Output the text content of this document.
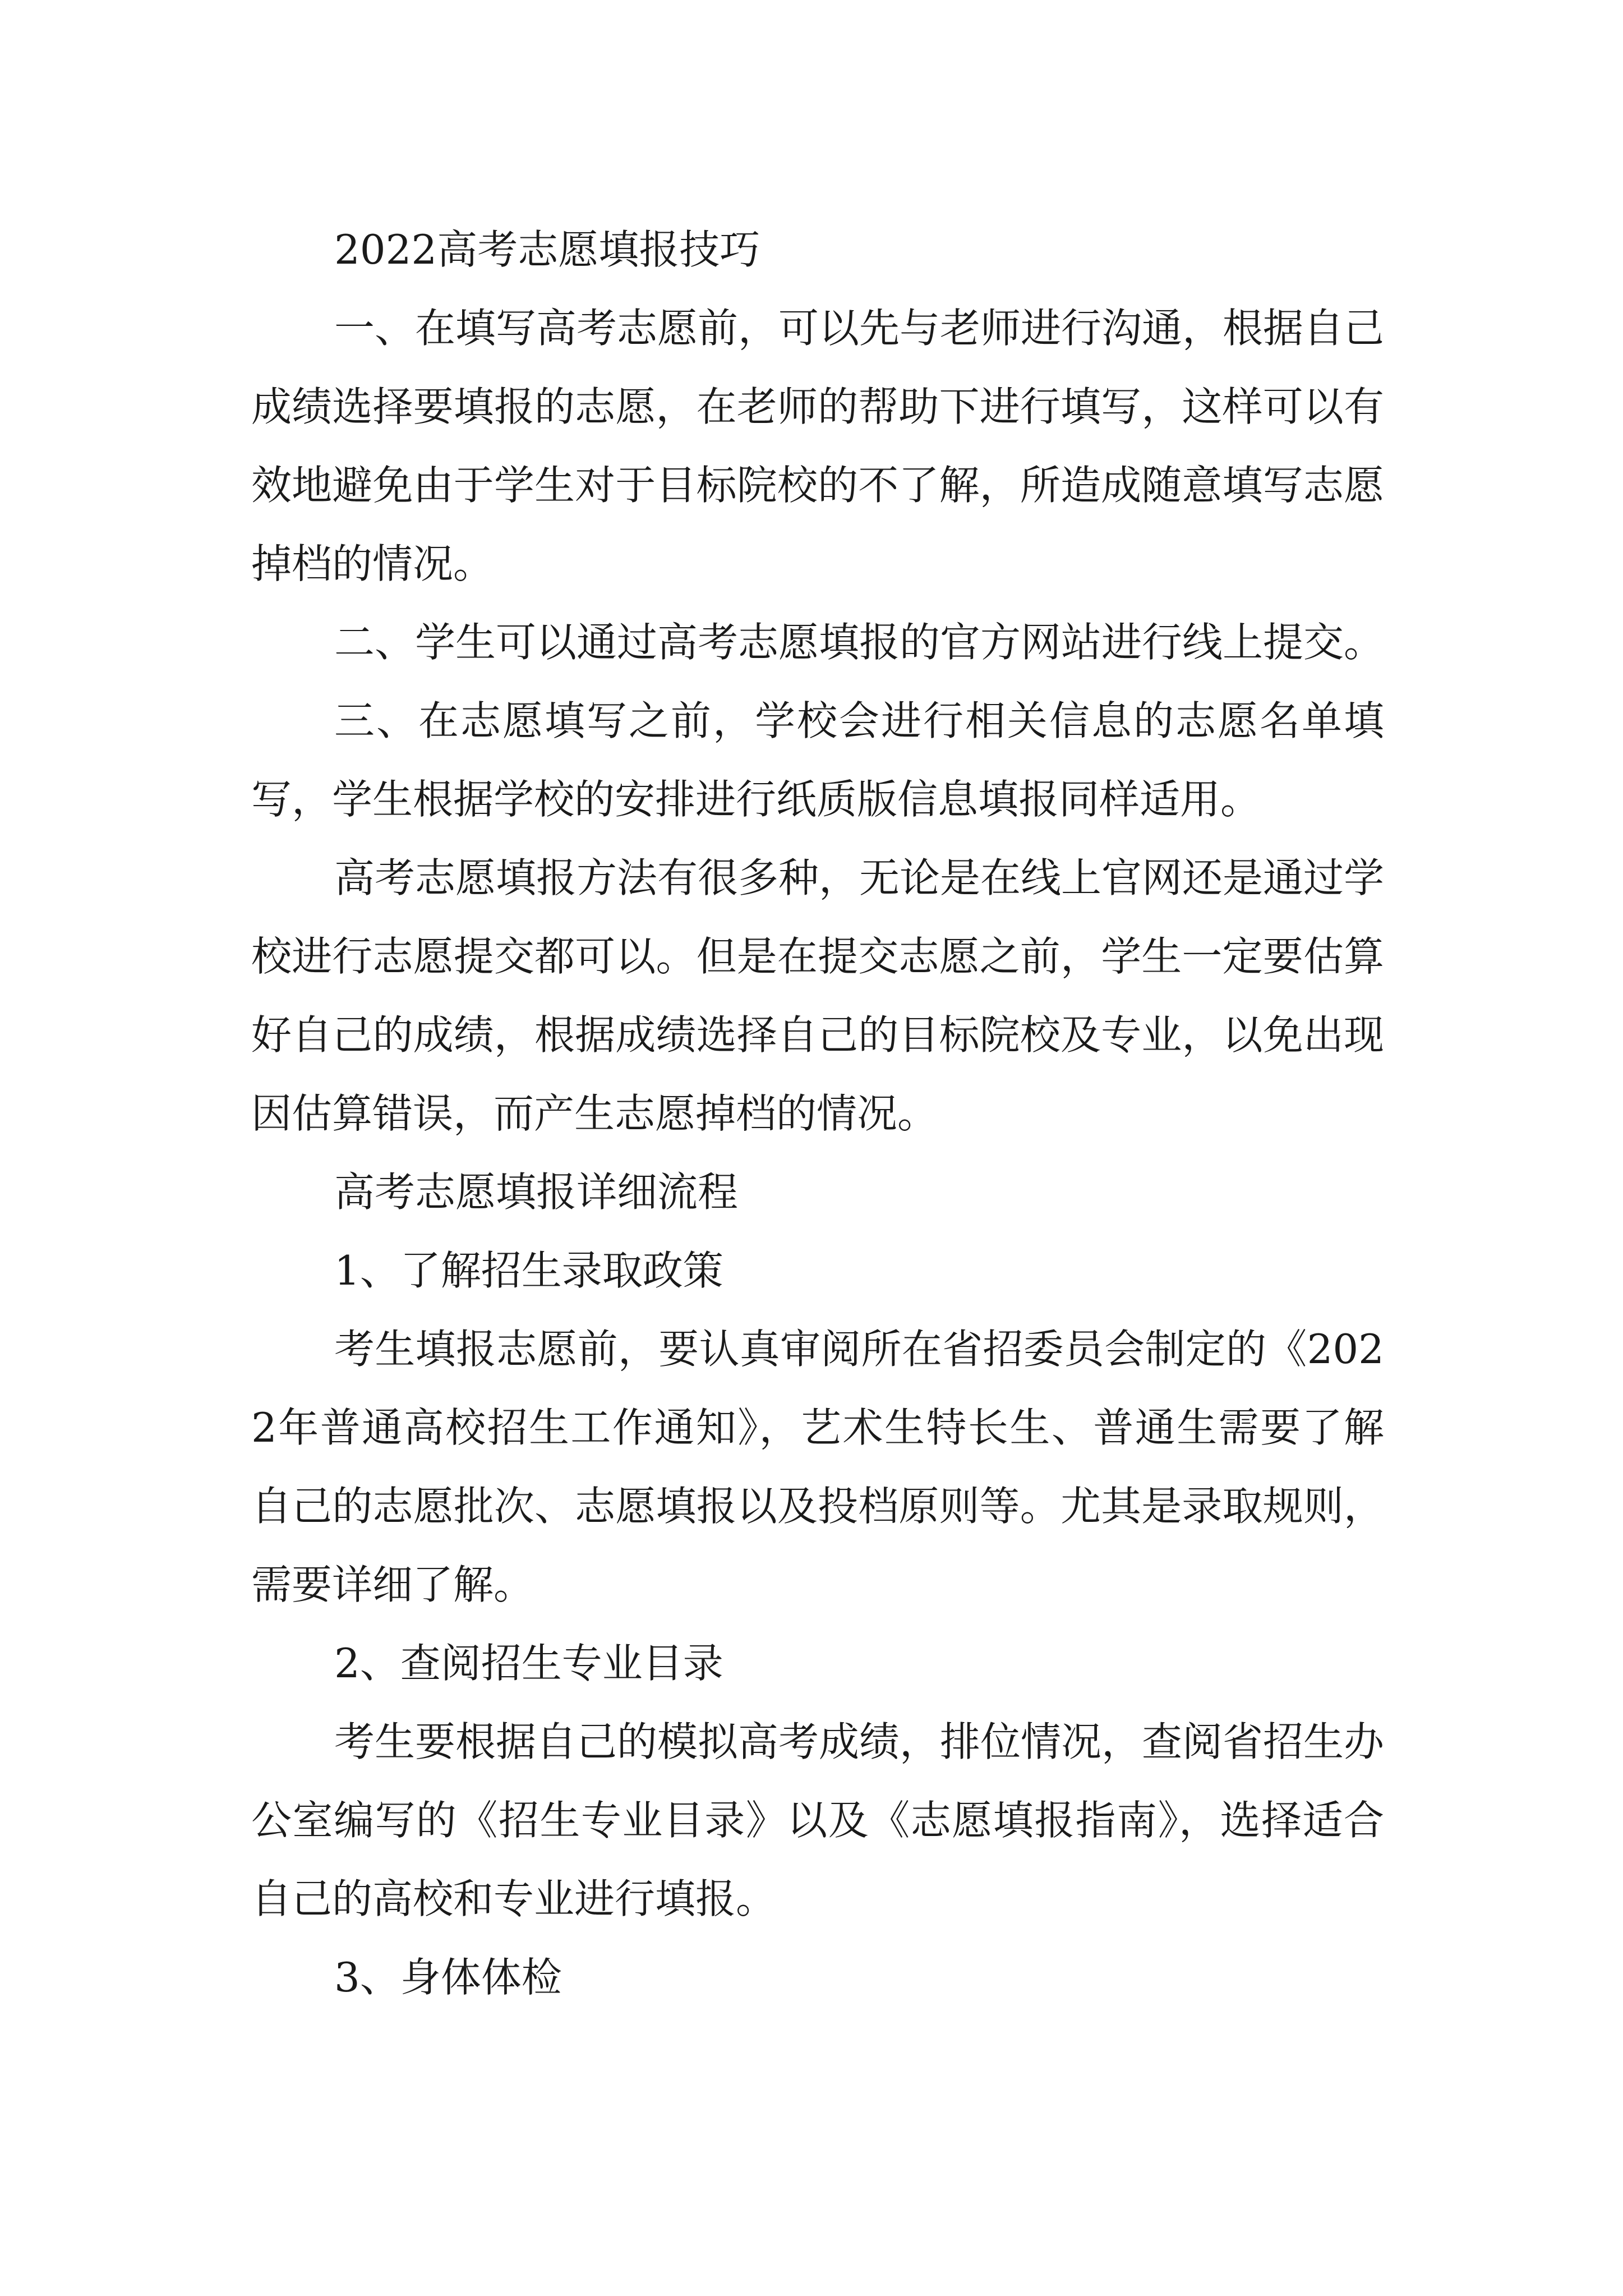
2022高考志愿填报技巧

一、在填写高考志愿前，可以先与老师进行沟通，根据自己成绩选择要填报的志愿，在老师的帮助下进行填写，这样可以有效地避免由于学生对于目标院校的不了解，所造成随意填写志愿掉档的情况。

二、学生可以通过高考志愿填报的官方网站进行线上提交。

三、在志愿填写之前，学校会进行相关信息的志愿名单填写，学生根据学校的安排进行纸质版信息填报同样适用。

高考志愿填报方法有很多种，无论是在线上官网还是通过学校进行志愿提交都可以。但是在提交志愿之前，学生一定要估算好自己的成绩，根据成绩选择自己的目标院校及专业，以免出现因估算错误，而产生志愿掉档的情况。

高考志愿填报详细流程

1、了解招生录取政策

考生填报志愿前，要认真审阅所在省招委员会制定的《2022年普通高校招生工作通知》，艺术生特长生、普通生需要了解自己的志愿批次、志愿填报以及投档原则等。尤其是录取规则，需要详细了解。

2、查阅招生专业目录

考生要根据自己的模拟高考成绩，排位情况，查阅省招生办公室编写的《招生专业目录》以及《志愿填报指南》，选择适合自己的高校和专业进行填报。

3、身体体检
